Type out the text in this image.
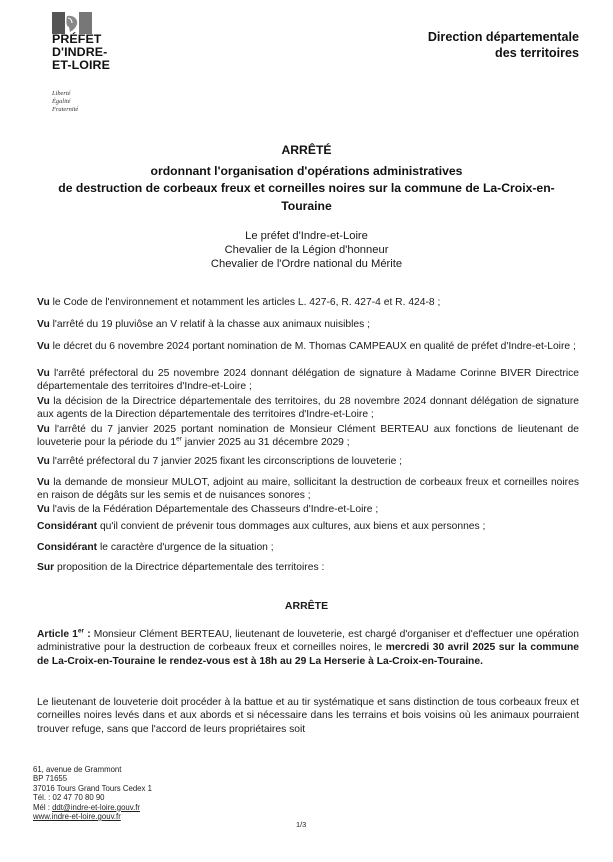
PRÉFET
D'INDRE-
ET-LOIRE
Liberté
Égalité
Fraternité
Direction départementale
des territoires
ARRÊTÉ
ordonnant l'organisation d'opérations administratives
de destruction de corbeaux freux et corneilles noires sur la commune de La-Croix-en-Touraine
Le préfet d'Indre-et-Loire
Chevalier de la Légion d'honneur
Chevalier de l'Ordre national du Mérite
Vu le Code de l'environnement et notamment les articles L. 427-6, R. 427-4 et R. 424-8 ;
Vu l'arrêté du 19 pluviôse an V relatif à la chasse aux animaux nuisibles ;
Vu le décret du 6 novembre 2024 portant nomination de M. Thomas CAMPEAUX en qualité de préfet d'Indre-et-Loire ;
Vu l'arrêté préfectoral du 25 novembre 2024 donnant délégation de signature à Madame Corinne BIVER Directrice départementale des territoires d'Indre-et-Loire ;
Vu la décision de la Directrice départementale des territoires, du 28 novembre 2024 donnant délégation de signature aux agents de la Direction départementale des territoires d'Indre-et-Loire ;
Vu l'arrêté du 7 janvier 2025 portant nomination de Monsieur Clément BERTEAU aux fonctions de lieutenant de louveterie pour la période du 1er janvier 2025 au 31 décembre 2029 ;
Vu l'arrêté préfectoral du 7 janvier 2025 fixant les circonscriptions de louveterie ;
Vu la demande de monsieur MULOT, adjoint au maire, sollicitant la destruction de corbeaux freux et corneilles noires en raison de dégâts sur les semis et de nuisances sonores ;
Vu l'avis de la Fédération Départementale des Chasseurs d'Indre-et-Loire ;
Considérant qu'il convient de prévenir tous dommages aux cultures, aux biens et aux personnes ;
Considérant le caractère d'urgence de la situation ;
Sur proposition de la Directrice départementale des territoires :
ARRÊTE
Article 1er : Monsieur Clément BERTEAU, lieutenant de louveterie, est chargé d'organiser et d'effectuer une opération administrative pour la destruction de corbeaux freux et corneilles noires, le mercredi 30 avril 2025 sur la commune de La-Croix-en-Touraine le rendez-vous est à 18h au 29 La Herserie à La-Croix-en-Touraine.
Le lieutenant de louveterie doit procéder à la battue et au tir systématique et sans distinction de tous corbeaux freux et corneilles noires levés dans et aux abords et si nécessaire dans les terrains et bois voisins où les animaux pourraient trouver refuge, sans que l'accord de leurs propriétaires soit
61, avenue de Grammont
BP 71655
37016 Tours Grand Tours Cedex 1
Tél. : 02 47 70 80 90
Mél : ddt@indre-et-loire.gouv.fr
www.indre-et-loire.gouv.fr
1/3
